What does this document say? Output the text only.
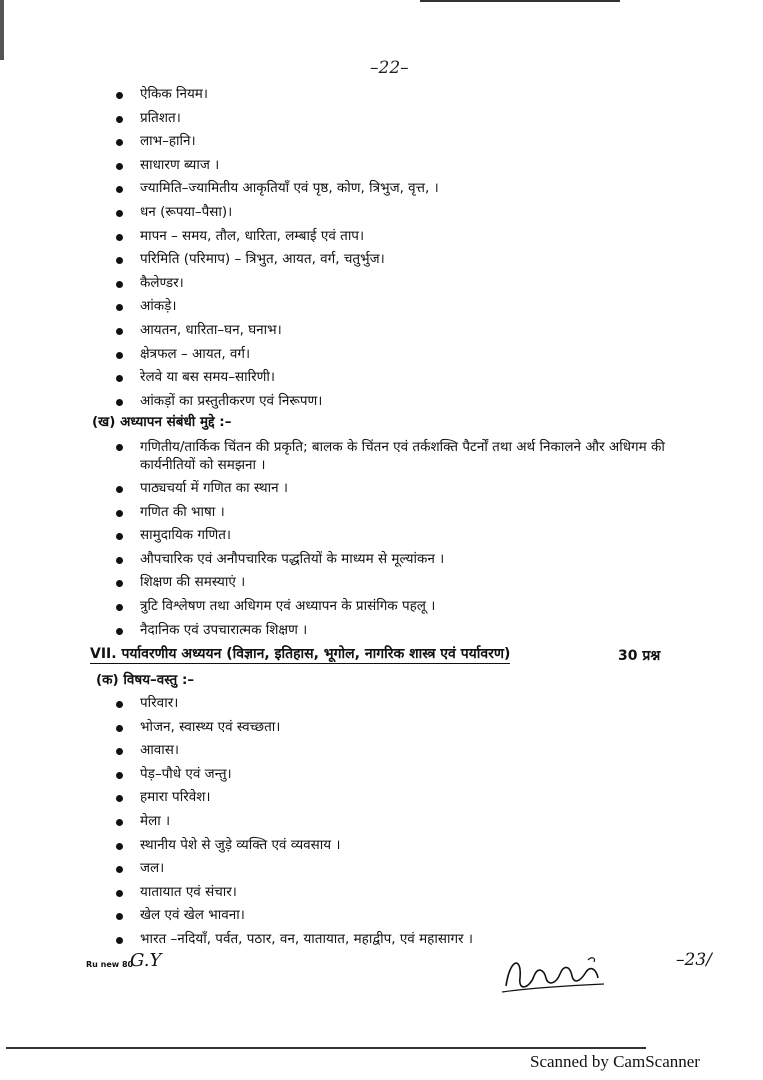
–22–
ऐकिक नियम।
प्रतिशत।
लाभ–हानि।
साधारण ब्याज ।
ज्यामिति–ज्यामितीय आकृतियाँ एवं पृष्ठ, कोण, त्रिभुज, वृत्त, ।
धन (रूपया–पैसा)।
मापन – समय, तौल, धारिता, लम्बाई एवं ताप।
परिमिति (परिमाप) – त्रिभुत, आयत, वर्ग, चतुर्भुज।
कैलेण्डर।
आंकड़े।
आयतन, धारिता–घन, घनाभ।
क्षेत्रफल – आयत, वर्ग।
रेलवे या बस समय–सारिणी।
आंकड़ों का प्रस्तुतीकरण एवं निरूपण।
(ख) अध्यापन संबंधी मुद्दे :–
गणितीय/तार्किक चिंतन की प्रकृति; बालक के चिंतन एवं तर्कशक्ति पैटर्नों तथा अर्थ निकालने और अधिगम की कार्यनीतियों को समझना ।
पाठ्यचर्या में गणित का स्थान ।
गणित की भाषा ।
सामुदायिक गणित।
औपचारिक एवं अनौपचारिक पद्धतियों के माध्यम से मूल्यांकन ।
शिक्षण की समस्याएं ।
त्रुटि विश्लेषण तथा अधिगम एवं अध्यापन के प्रासंगिक पहलू ।
नैदानिक एवं उपचारात्मक शिक्षण ।
VII. पर्यावरणीय अध्ययन (विज्ञान, इतिहास, भूगोल, नागरिक शास्त्र एवं पर्यावरण)	30 प्रश्न
(क) विषय–वस्तु :–
परिवार।
भोजन, स्वास्थ्य एवं स्वच्छता।
आवास।
पेड़–पौधे एवं जन्तु।
हमारा परिवेश।
मेला ।
स्थानीय पेशे से जुड़े व्यक्ति एवं व्यवसाय ।
जल।
यातायात एवं संचार।
खेल एवं खेल भावना।
भारत –नदियाँ, पर्वत, पठार, वन, यातायात, महाद्वीप, एवं महासागर ।
Ru new 80
G.Y	–23/
Scanned by CamScanner
